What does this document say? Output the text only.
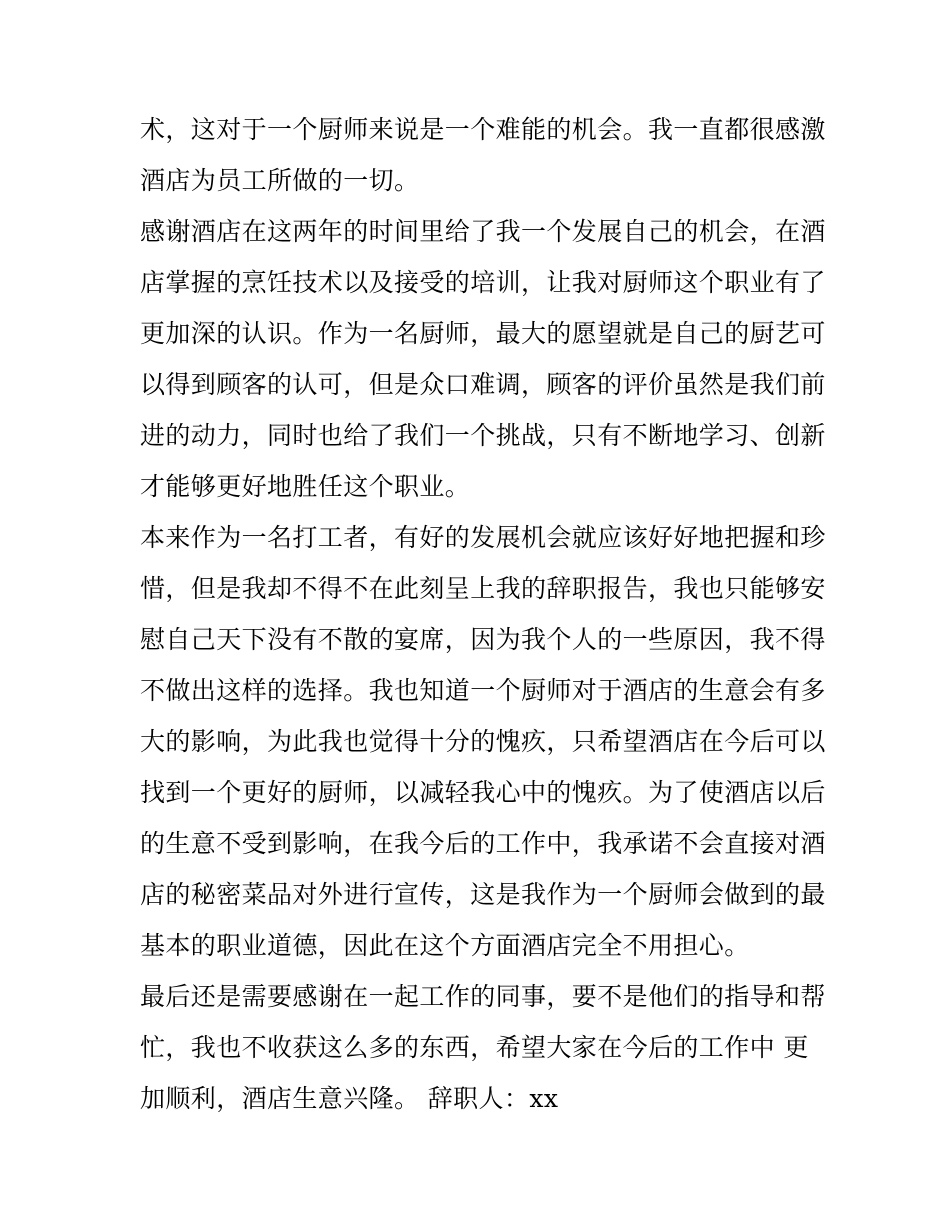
术，这对于一个厨师来说是一个难能的机会。我一直都很感激
酒店为员工所做的一切。
感谢酒店在这两年的时间里给了我一个发展自己的机会，在酒
店掌握的烹饪技术以及接受的培训，让我对厨师这个职业有了
更加深的认识。作为一名厨师，最大的愿望就是自己的厨艺可
以得到顾客的认可，但是众口难调，顾客的评价虽然是我们前
进的动力，同时也给了我们一个挑战，只有不断地学习、创新
才能够更好地胜任这个职业。
本来作为一名打工者，有好的发展机会就应该好好地把握和珍
惜，但是我却不得不在此刻呈上我的辞职报告，我也只能够安
慰自己天下没有不散的宴席，因为我个人的一些原因，我不得
不做出这样的选择。我也知道一个厨师对于酒店的生意会有多
大的影响，为此我也觉得十分的愧疚，只希望酒店在今后可以
找到一个更好的厨师，以减轻我心中的愧疚。为了使酒店以后
的生意不受到影响，在我今后的工作中，我承诺不会直接对酒
店的秘密菜品对外进行宣传，这是我作为一个厨师会做到的最
基本的职业道德，因此在这个方面酒店完全不用担心。
最后还是需要感谢在一起工作的同事，要不是他们的指导和帮
忙，我也不收获这么多的东西，希望大家在今后的工作中 更
加顺利，酒店生意兴隆。 辞职人：xx
